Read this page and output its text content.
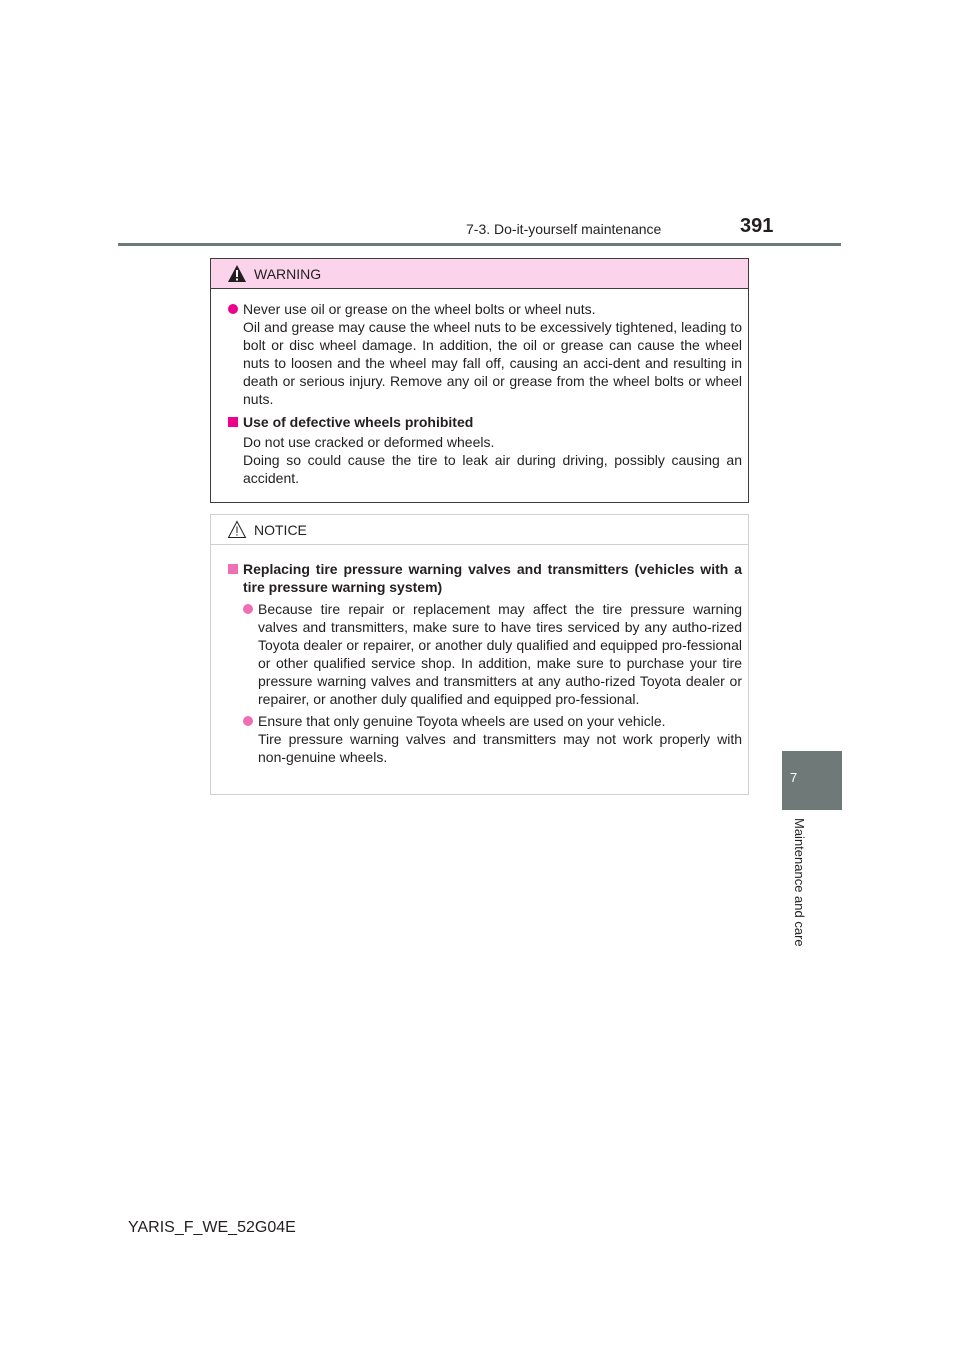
7-3. Do-it-yourself maintenance	391
7
Maintenance and care
WARNING
Never use oil or grease on the wheel bolts or wheel nuts.
Oil and grease may cause the wheel nuts to be excessively tightened, leading to bolt or disc wheel damage. In addition, the oil or grease can cause the wheel nuts to loosen and the wheel may fall off, causing an acci-dent and resulting in death or serious injury. Remove any oil or grease from the wheel bolts or wheel nuts.
Use of defective wheels prohibited

Do not use cracked or deformed wheels.

Doing so could cause the tire to leak air during driving, possibly causing an accident.

NOTICE
Replacing tire pressure warning valves and transmitters (vehicles with a tire pressure warning system)
Because tire repair or replacement may affect the tire pressure warning valves and transmitters, make sure to have tires serviced by any autho-rized Toyota dealer or repairer, or another duly qualified and equipped pro-fessional or other qualified service shop. In addition, make sure to purchase your tire pressure warning valves and transmitters at any autho-rized Toyota dealer or repairer, or another duly qualified and equipped pro-fessional.
Ensure that only genuine Toyota wheels are used on your vehicle.
Tire pressure warning valves and transmitters may not work properly with non-genuine wheels.
YARIS_F_WE_52G04E
